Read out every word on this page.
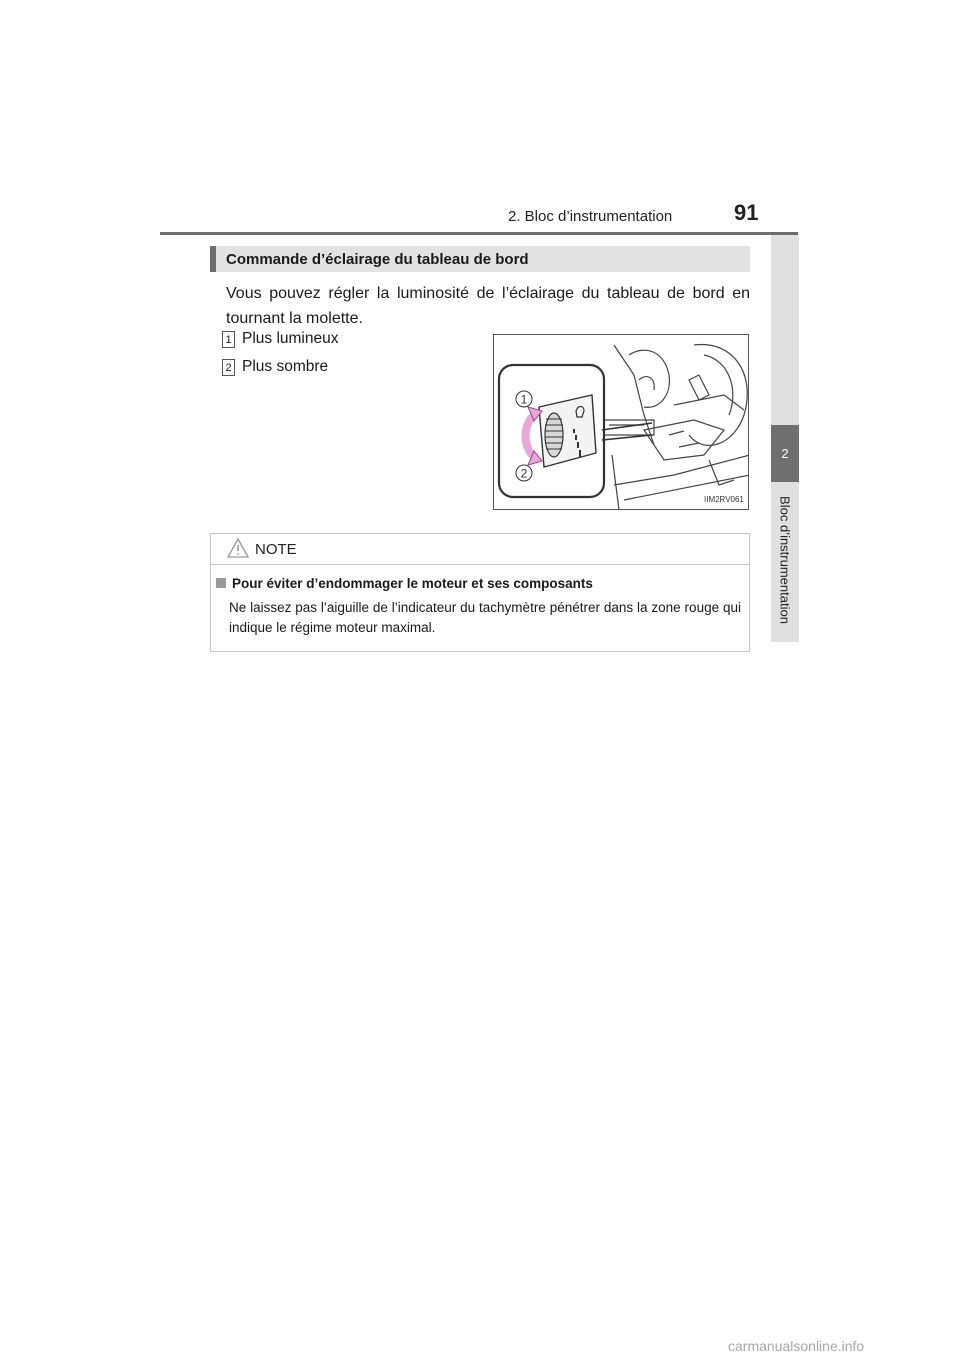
2. Bloc d’instrumentation	91
2
Bloc d’instrumentation
Commande d’éclairage du tableau de bord
Vous pouvez régler la luminosité de l’éclairage du tableau de bord en tournant la molette.
1 Plus lumineux
2 Plus sombre
1
2
IIM2RV061
NOTE
Pour éviter d’endommager le moteur et ses composants
Ne laissez pas l’aiguille de l’indicateur du tachymètre pénétrer dans la zone rouge qui indique le régime moteur maximal.
carmanualsonline.info
